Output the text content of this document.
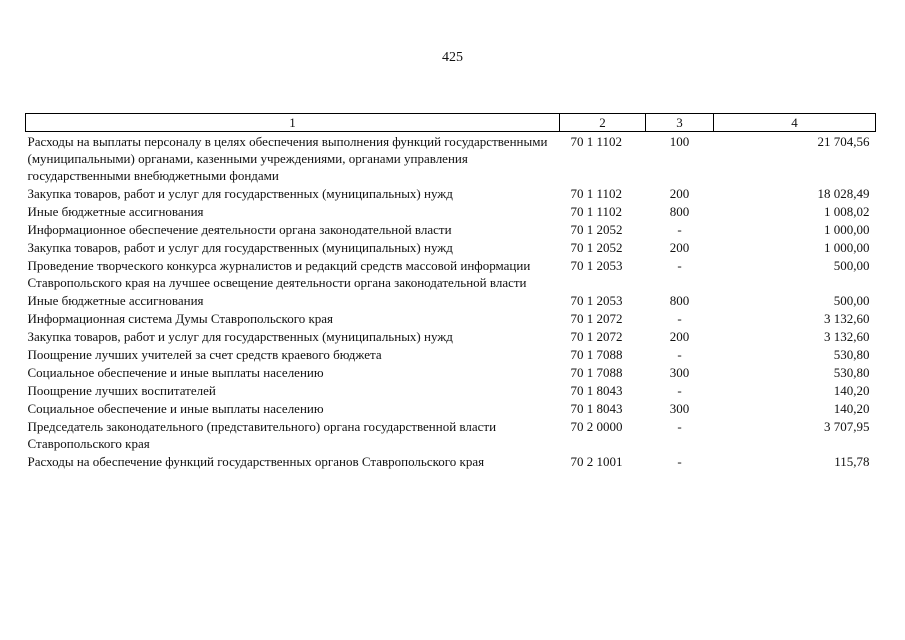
425
1	2	3	4
Расходы на выплаты персоналу в целях обеспечения выполнения функций государственными (муниципальными) органами, казенными учреждениями, органами управления государственными внебюджетными фондами	70 1 1102	100	21 704,56
Закупка товаров, работ и услуг для государственных (муниципальных) нужд	70 1 1102	200	18 028,49
Иные бюджетные ассигнования	70 1 1102	800	1 008,02
Информационное обеспечение деятельности органа законодательной власти	70 1 2052	-	1 000,00
Закупка товаров, работ и услуг для государственных (муниципальных) нужд	70 1 2052	200	1 000,00
Проведение творческого конкурса журналистов и редакций средств массовой информации Ставропольского края на лучшее освещение деятельности органа законодательной власти	70 1 2053	-	500,00
Иные бюджетные ассигнования	70 1 2053	800	500,00
Информационная система Думы Ставропольского края	70 1 2072	-	3 132,60
Закупка товаров, работ и услуг для государственных (муниципальных) нужд	70 1 2072	200	3 132,60
Поощрение лучших учителей за счет средств краевого бюджета	70 1 7088	-	530,80
Социальное обеспечение и иные выплаты населению	70 1 7088	300	530,80
Поощрение лучших воспитателей	70 1 8043	-	140,20
Социальное обеспечение и иные выплаты населению	70 1 8043	300	140,20
Председатель законодательного (представительного) органа государственной власти Ставропольского края	70 2 0000	-	3 707,95
Расходы на обеспечение функций государственных органов Ставропольского края	70 2 1001	-	115,78
